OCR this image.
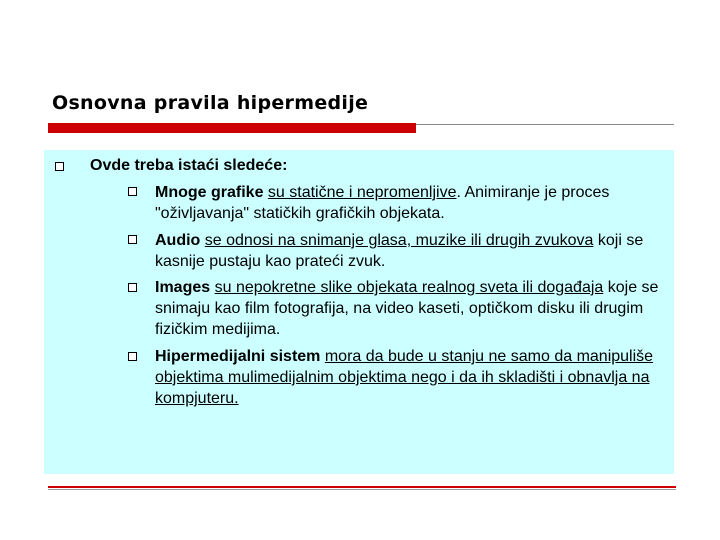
Osnovna pravila hipermedije
Ovde treba istaći sledeće:
Mnoge grafike su statične i nepromenljive. Animiranje je proces "oživljavanja" statičkih grafičkih objekata.
Audio se odnosi na snimanje glasa, muzike ili drugih zvukova koji se kasnije pustaju kao prateći zvuk.
Images su nepokretne slike objekata realnog sveta ili događaja koje se snimaju kao film fotografija, na video kaseti, optičkom disku ili drugim fizičkim medijima.
Hipermedijalni sistem mora da bude u stanju ne samo da manipuliše objektima mulimedijalnim objektima nego i da ih skladišti i obnavlja na kompjuteru.
